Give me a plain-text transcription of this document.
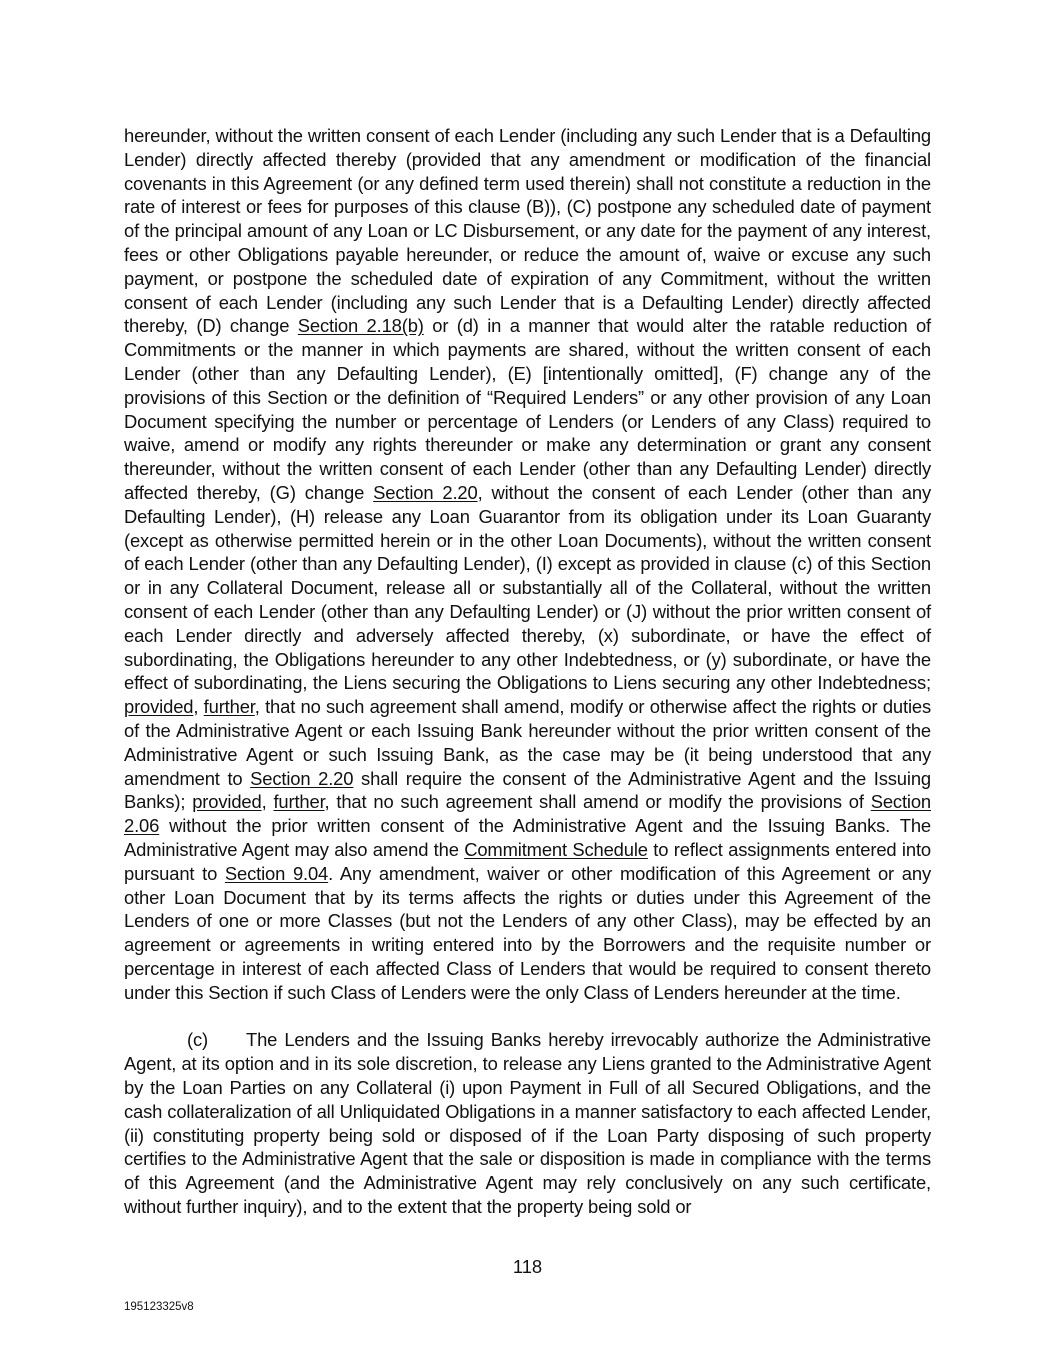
hereunder, without the written consent of each Lender (including any such Lender that is a Defaulting Lender) directly affected thereby (provided that any amendment or modification of the financial covenants in this Agreement (or any defined term used therein) shall not constitute a reduction in the rate of interest or fees for purposes of this clause (B)), (C) postpone any scheduled date of payment of the principal amount of any Loan or LC Disbursement, or any date for the payment of any interest, fees or other Obligations payable hereunder, or reduce the amount of, waive or excuse any such payment, or postpone the scheduled date of expiration of any Commitment, without the written consent of each Lender (including any such Lender that is a Defaulting Lender) directly affected thereby, (D) change Section 2.18(b) or (d) in a manner that would alter the ratable reduction of Commitments or the manner in which payments are shared, without the written consent of each Lender (other than any Defaulting Lender), (E) [intentionally omitted], (F) change any of the provisions of this Section or the definition of “Required Lenders” or any other provision of any Loan Document specifying the number or percentage of Lenders (or Lenders of any Class) required to waive, amend or modify any rights thereunder or make any determination or grant any consent thereunder, without the written consent of each Lender (other than any Defaulting Lender) directly affected thereby, (G) change Section 2.20, without the consent of each Lender (other than any Defaulting Lender), (H) release any Loan Guarantor from its obligation under its Loan Guaranty (except as otherwise permitted herein or in the other Loan Documents), without the written consent of each Lender (other than any Defaulting Lender), (I) except as provided in clause (c) of this Section or in any Collateral Document, release all or substantially all of the Collateral, without the written consent of each Lender (other than any Defaulting Lender) or (J) without the prior written consent of each Lender directly and adversely affected thereby, (x) subordinate, or have the effect of subordinating, the Obligations hereunder to any other Indebtedness, or (y) subordinate, or have the effect of subordinating, the Liens securing the Obligations to Liens securing any other Indebtedness; provided, further, that no such agreement shall amend, modify or otherwise affect the rights or duties of the Administrative Agent or each Issuing Bank hereunder without the prior written consent of the Administrative Agent or such Issuing Bank, as the case may be (it being understood that any amendment to Section 2.20 shall require the consent of the Administrative Agent and the Issuing Banks); provided, further, that no such agreement shall amend or modify the provisions of Section 2.06 without the prior written consent of the Administrative Agent and the Issuing Banks. The Administrative Agent may also amend the Commitment Schedule to reflect assignments entered into pursuant to Section 9.04. Any amendment, waiver or other modification of this Agreement or any other Loan Document that by its terms affects the rights or duties under this Agreement of the Lenders of one or more Classes (but not the Lenders of any other Class), may be effected by an agreement or agreements in writing entered into by the Borrowers and the requisite number or percentage in interest of each affected Class of Lenders that would be required to consent thereto under this Section if such Class of Lenders were the only Class of Lenders hereunder at the time.

(c) The Lenders and the Issuing Banks hereby irrevocably authorize the Administrative Agent, at its option and in its sole discretion, to release any Liens granted to the Administrative Agent by the Loan Parties on any Collateral (i) upon Payment in Full of all Secured Obligations, and the cash collateralization of all Unliquidated Obligations in a manner satisfactory to each affected Lender, (ii) constituting property being sold or disposed of if the Loan Party disposing of such property certifies to the Administrative Agent that the sale or disposition is made in compliance with the terms of this Agreement (and the Administrative Agent may rely conclusively on any such certificate, without further inquiry), and to the extent that the property being sold or

118
195123325v8
